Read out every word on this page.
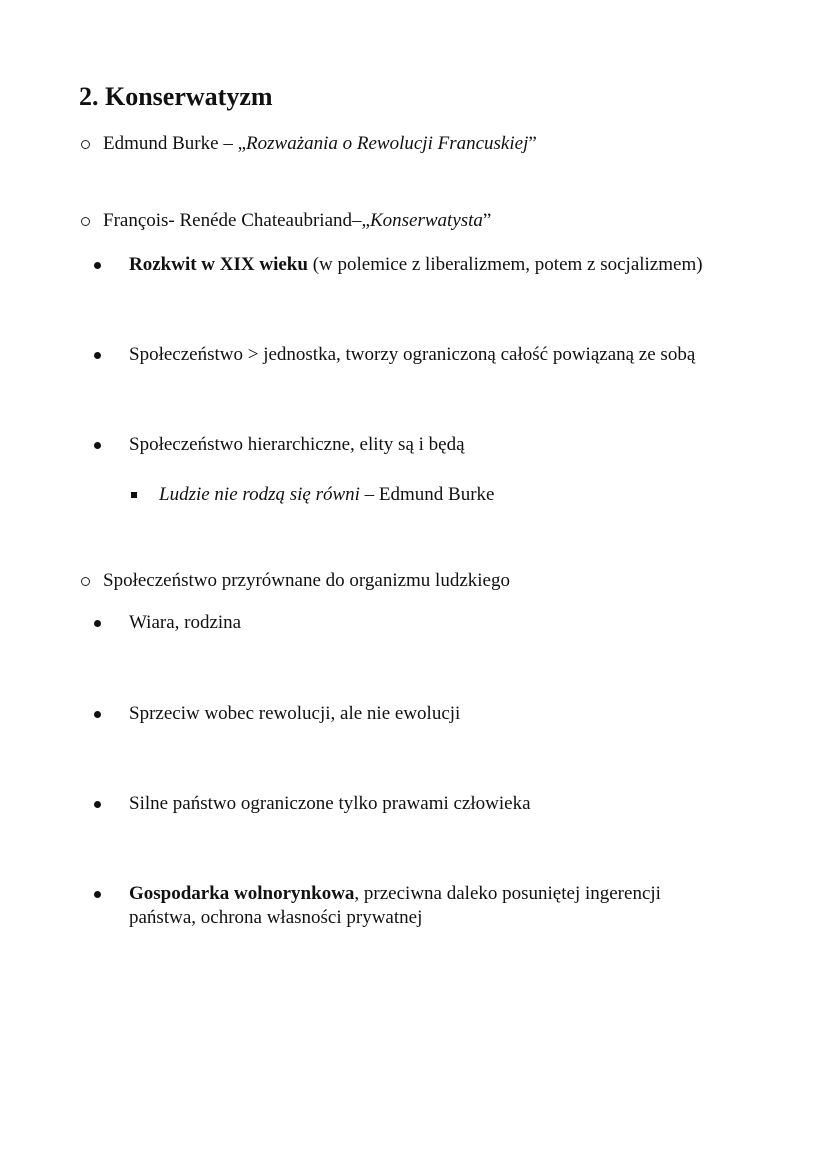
2. Konserwatyzm
Edmund Burke – „Rozważania o Rewolucji Francuskiej”
François- Renéde Chateaubriand–„Konserwatysta”
Rozkwit w XIX wieku (w polemice z liberalizmem, potem z socjalizmem)
Społeczeństwo > jednostka, tworzy ograniczoną całość powiązaną ze sobą
Społeczeństwo hierarchiczne, elity są i będą
Ludzie nie rodzą się równi – Edmund Burke
Społeczeństwo przyrównane do organizmu ludzkiego
Wiara, rodzina
Sprzeciw wobec rewolucji, ale nie ewolucji
Silne państwo ograniczone tylko prawami człowieka
Gospodarka wolnorynkowa, przeciwna daleko posuniętej ingerencji państwa, ochrona własności prywatnej
